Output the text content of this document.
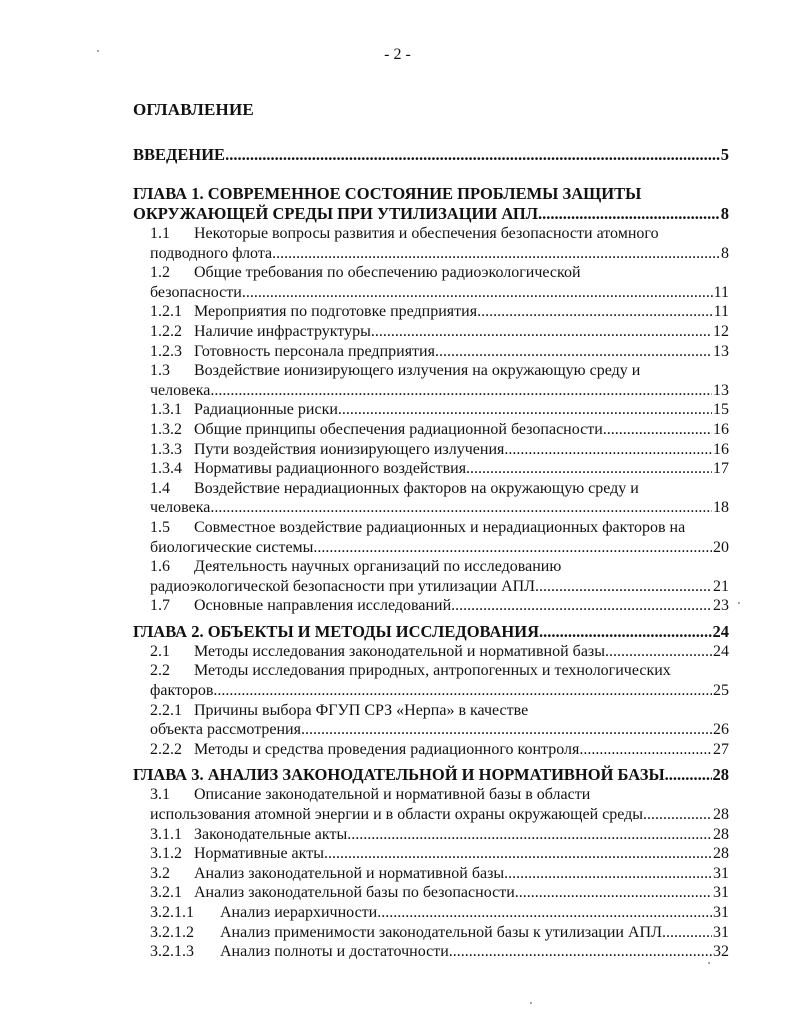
- 2 -
ОГЛАВЛЕНИЕ
ВВЕДЕНИЕ .....	5
ГЛАВА 1. СОВРЕМЕННОЕ СОСТОЯНИЕ ПРОБЛЕМЫ ЗАЩИТЫ
ОКРУЖАЮЩЕЙ СРЕДЫ ПРИ УТИЛИЗАЦИИ АПЛ .....	8
1.1 Некоторые вопросы развития и обеспечения безопасности атомного
подводного флота .....	8
1.2 Общие требования по обеспечению радиоэкологической
безопасности .....	11
1.2.1 Мероприятия по подготовке предприятия .....	11
1.2.2 Наличие инфраструктуры .....	12
1.2.3 Готовность персонала предприятия .....	13
1.3 Воздействие ионизирующего излучения на окружающую среду и
человека .....	13
1.3.1 Радиационные риски .....	15
1.3.2 Общие принципы обеспечения радиационной безопасности .....	16
1.3.3 Пути воздействия ионизирующего излучения .....	16
1.3.4 Нормативы радиационного воздействия .....	17
1.4 Воздействие нерадиационных факторов на окружающую среду и
человека .....	18
1.5 Совместное воздействие радиационных и нерадиационных факторов на
биологические системы .....	20
1.6 Деятельность научных организаций по исследованию
радиоэкологической безопасности при утилизации АПЛ .....	21
1.7 Основные направления исследований .....	23
ГЛАВА 2. ОБЪЕКТЫ И МЕТОДЫ ИССЛЕДОВАНИЯ .....	24
2.1 Методы исследования законодательной и нормативной базы .....	24
2.2 Методы исследования природных, антропогенных и технологических
факторов .....	25
2.2.1 Причины выбора ФГУП СРЗ «Нерпа» в качестве
объекта рассмотрения .....	26
2.2.2 Методы и средства проведения радиационного контроля .....	27
ГЛАВА 3. АНАЛИЗ ЗАКОНОДАТЕЛЬНОЙ И НОРМАТИВНОЙ БАЗЫ .....	28
3.1 Описание законодательной и нормативной базы в области
использования атомной энергии и в области охраны окружающей среды .....	28
3.1.1 Законодательные акты .....	28
3.1.2 Нормативные акты .....	28
3.2 Анализ законодательной и нормативной базы .....	31
3.2.1 Анализ законодательной базы по безопасности .....	31
3.2.1.1 Анализ иерархичности .....	31
3.2.1.2 Анализ применимости законодательной базы к утилизации АПЛ .....	31
3.2.1.3 Анализ полноты и достаточности .....	32
